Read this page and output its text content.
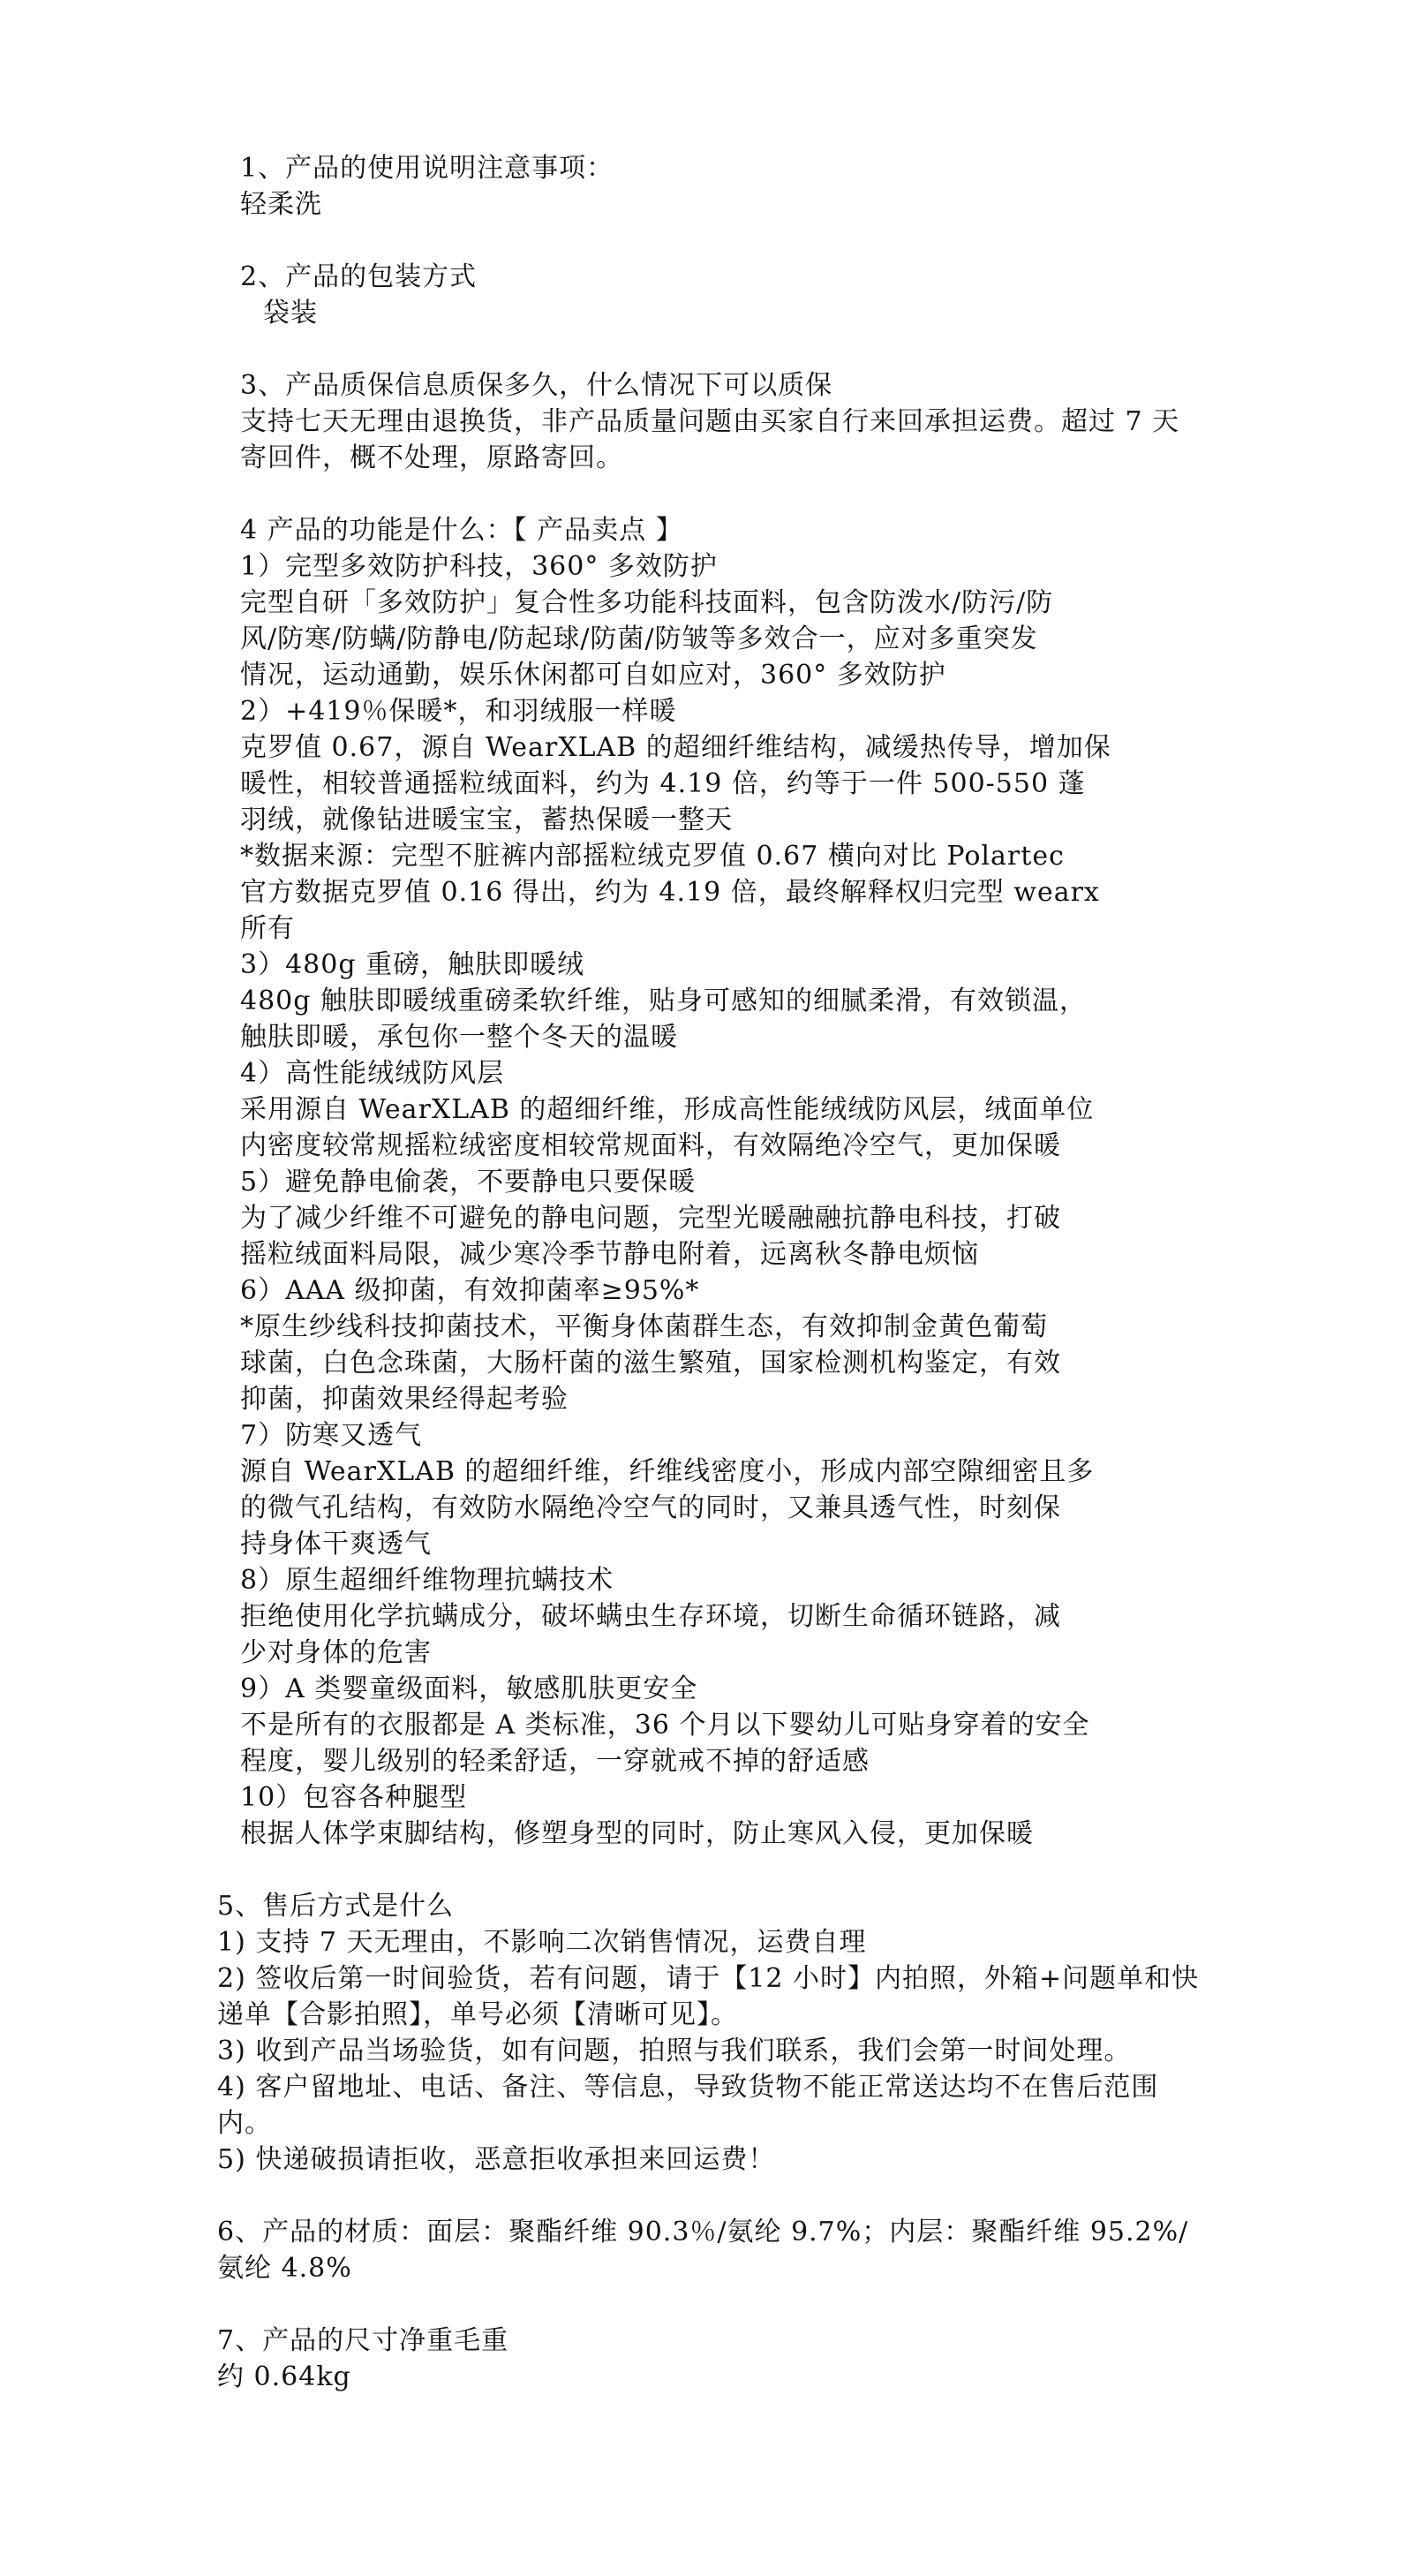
1、产品的使用说明注意事项：
轻柔洗
2、产品的包装方式
袋装
3、产品质保信息质保多久，什么情况下可以质保
支持七天无理由退换货，非产品质量问题由买家自行来回承担运费。超过 7 天
寄回件，概不处理，原路寄回。
4 产品的功能是什么：【 产品卖点 】
1）完型多效防护科技，360° 多效防护
完型自研「多效防护」复合性多功能科技面料，包含防泼水/防污/防
风/防寒/防螨/防静电/防起球/防菌/防皱等多效合一，应对多重突发
情况，运动通勤，娱乐休闲都可自如应对，360° 多效防护
2）+419％保暖*，和羽绒服一样暖
克罗值 0.67，源自 WearXLAB 的超细纤维结构，减缓热传导，增加保
暖性，相较普通摇粒绒面料，约为 4.19 倍，约等于一件 500-550 蓬
羽绒，就像钻进暖宝宝，蓄热保暖一整天
*数据来源：完型不脏裤内部摇粒绒克罗值 0.67 横向对比 Polartec
官方数据克罗值 0.16 得出，约为 4.19 倍，最终解释权归完型 wearx
所有
3）480g 重磅，触肤即暖绒
480g 触肤即暖绒重磅柔软纤维，贴身可感知的细腻柔滑，有效锁温，
触肤即暖，承包你一整个冬天的温暖
4）高性能绒绒防风层
采用源自 WearXLAB 的超细纤维，形成高性能绒绒防风层，绒面单位
内密度较常规摇粒绒密度相较常规面料，有效隔绝冷空气，更加保暖
5）避免静电偷袭，不要静电只要保暖
为了减少纤维不可避免的静电问题，完型光暖融融抗静电科技，打破
摇粒绒面料局限，减少寒冷季节静电附着，远离秋冬静电烦恼
6）AAA 级抑菌，有效抑菌率≥95%*
*原生纱线科技抑菌技术，平衡身体菌群生态，有效抑制金黄色葡萄
球菌，白色念珠菌，大肠杆菌的滋生繁殖，国家检测机构鉴定，有效
抑菌，抑菌效果经得起考验
7）防寒又透气
源自 WearXLAB 的超细纤维，纤维线密度小，形成内部空隙细密且多
的微气孔结构，有效防水隔绝冷空气的同时，又兼具透气性，时刻保
持身体干爽透气
8）原生超细纤维物理抗螨技术
拒绝使用化学抗螨成分，破坏螨虫生存环境，切断生命循环链路，减
少对身体的危害
9）A 类婴童级面料，敏感肌肤更安全
不是所有的衣服都是 A 类标准，36 个月以下婴幼儿可贴身穿着的安全
程度，婴儿级别的轻柔舒适，一穿就戒不掉的舒适感
10）包容各种腿型
根据人体学束脚结构，修塑身型的同时，防止寒风入侵，更加保暖
5、售后方式是什么
1) 支持 7 天无理由，不影响二次销售情况，运费自理
2) 签收后第一时间验货，若有问题，请于【12 小时】内拍照，外箱+问题单和快
递单【合影拍照】，单号必须【清晰可见】。
3) 收到产品当场验货，如有问题，拍照与我们联系，我们会第一时间处理。
4) 客户留地址、电话、备注、等信息，导致货物不能正常送达均不在售后范围
内。
5) 快递破损请拒收，恶意拒收承担来回运费！
6、产品的材质：面层：聚酯纤维 90.3％/氨纶 9.7%；内层：聚酯纤维 95.2%/
氨纶 4.8%
7、产品的尺寸净重毛重
约 0.64kg
